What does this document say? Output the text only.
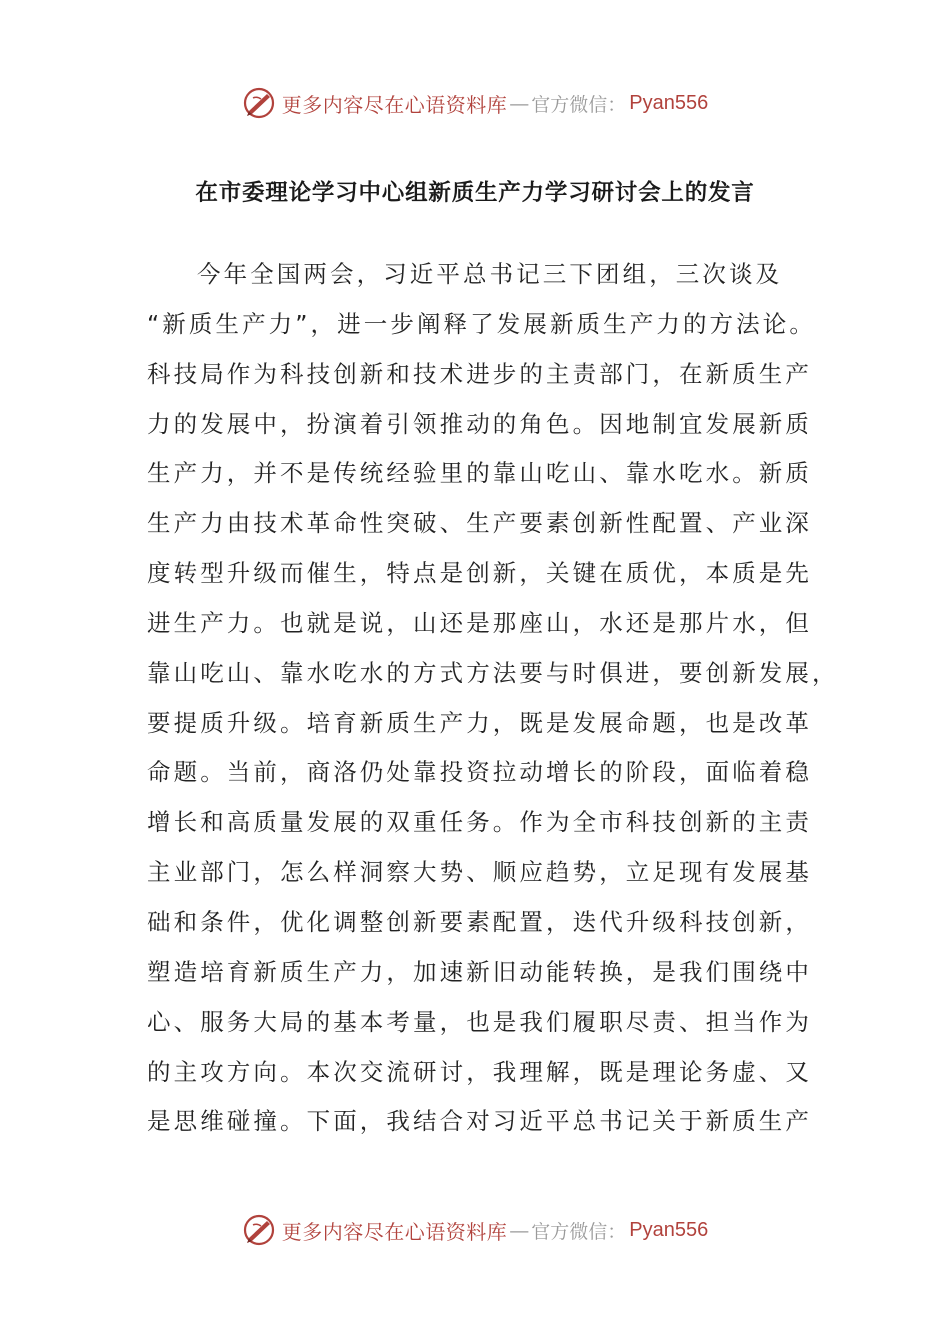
更多内容尽在心语资料库 — 官方微信： Pyan556
在市委理论学习中心组新质生产力学习研讨会上的发言
今年全国两会，习近平总书记三下团组，三次谈及
“新质生产力”，进一步阐释了发展新质生产力的方法论。
科技局作为科技创新和技术进步的主责部门，在新质生产
力的发展中，扮演着引领推动的角色。因地制宜发展新质
生产力，并不是传统经验里的靠山吃山、靠水吃水。新质
生产力由技术革命性突破、生产要素创新性配置、产业深
度转型升级而催生，特点是创新，关键在质优，本质是先
进生产力。也就是说，山还是那座山，水还是那片水，但
靠山吃山、靠水吃水的方式方法要与时俱进，要创新发展，
要提质升级。培育新质生产力，既是发展命题，也是改革
命题。当前，商洛仍处靠投资拉动增长的阶段，面临着稳
增长和高质量发展的双重任务。作为全市科技创新的主责
主业部门，怎么样洞察大势、顺应趋势，立足现有发展基
础和条件，优化调整创新要素配置，迭代升级科技创新，
塑造培育新质生产力，加速新旧动能转换，是我们围绕中
心、服务大局的基本考量，也是我们履职尽责、担当作为
的主攻方向。本次交流研讨，我理解，既是理论务虚、又
是思维碰撞。下面，我结合对习近平总书记关于新质生产
更多内容尽在心语资料库 — 官方微信： Pyan556
